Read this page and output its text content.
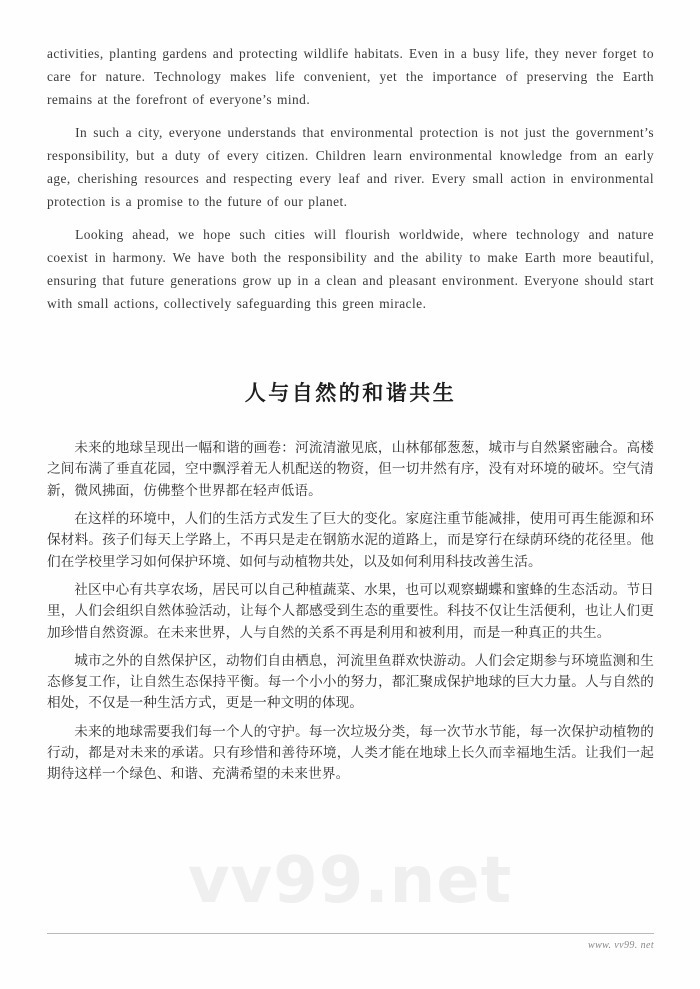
vv99.net

activities, planting gardens and protecting wildlife habitats. Even in a busy life, they never forget to care for nature. Technology makes life convenient, yet the importance of preserving the Earth remains at the forefront of everyone’s mind.

In such a city, everyone understands that environmental protection is not just the government’s responsibility, but a duty of every citizen. Children learn environmental knowledge from an early age, cherishing resources and respecting every leaf and river. Every small action in environmental protection is a promise to the future of our planet.

Looking ahead, we hope such cities will flourish worldwide, where technology and nature coexist in harmony. We have both the responsibility and the ability to make Earth more beautiful, ensuring that future generations grow up in a clean and pleasant environment. Everyone should start with small actions, collectively safeguarding this green miracle.

人与自然的和谐共生

未来的地球呈现出一幅和谐的画卷：河流清澈见底，山林郁郁葱葱，城市与自然紧密融合。高楼之间布满了垂直花园，空中飘浮着无人机配送的物资，但一切井然有序，没有对环境的破坏。空气清新，微风拂面，仿佛整个世界都在轻声低语。

在这样的环境中，人们的生活方式发生了巨大的变化。家庭注重节能减排，使用可再生能源和环保材料。孩子们每天上学路上，不再只是走在钢筋水泥的道路上，而是穿行在绿荫环绕的花径里。他们在学校里学习如何保护环境、如何与动植物共处，以及如何利用科技改善生活。

社区中心有共享农场，居民可以自己种植蔬菜、水果，也可以观察蝴蝶和蜜蜂的生态活动。节日里，人们会组织自然体验活动，让每个人都感受到生态的重要性。科技不仅让生活便利，也让人们更加珍惜自然资源。在未来世界，人与自然的关系不再是利用和被利用，而是一种真正的共生。

城市之外的自然保护区，动物们自由栖息，河流里鱼群欢快游动。人们会定期参与环境监测和生态修复工作，让自然生态保持平衡。每一个小小的努力，都汇聚成保护地球的巨大力量。人与自然的相处，不仅是一种生活方式，更是一种文明的体现。

未来的地球需要我们每一个人的守护。每一次垃圾分类，每一次节水节能，每一次保护动植物的行动，都是对未来的承诺。只有珍惜和善待环境，人类才能在地球上长久而幸福地生活。让我们一起期待这样一个绿色、和谐、充满希望的未来世界。

www. vv99. net
